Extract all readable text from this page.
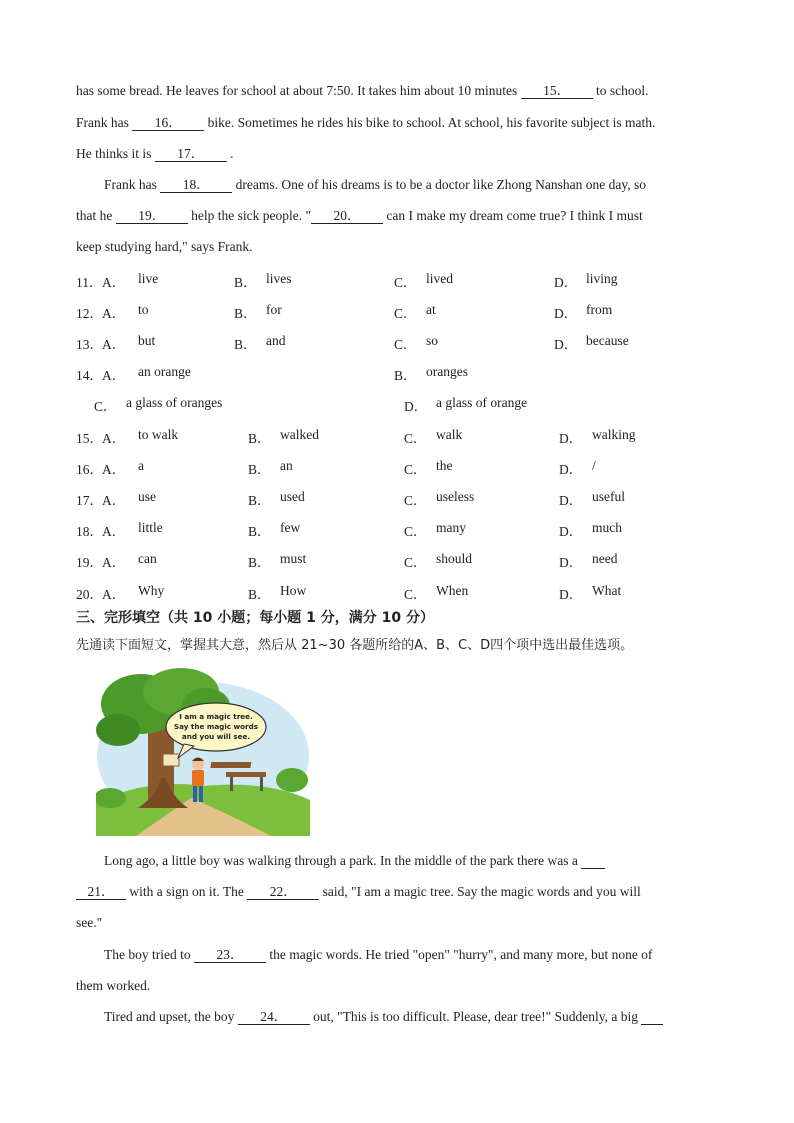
has some bread. He leaves for school at about 7:50. It takes him about 10 minutes 15． to school.
Frank has 16． bike. Sometimes he rides his bike to school. At school, his favorite subject is math.
He thinks it is 17． .
Frank has 18． dreams. One of his dreams is to be a doctor like Zhong Nanshan one day, so
that he 19． help the sick people. " 20． can I make my dream come true? I think I must
keep studying hard," says Frank.
11． A． live	B． lives	C． lived	D． living
12． A． to	B． for	C． at	D． from
13． A． but	B． and	C． so	D． because
14． A． an orange	B． oranges
C． a glass of oranges	D． a glass of orange
15． A． to walk	B． walked	C． walk	D． walking
16． A． a	B． an	C． the	D． /
17． A． use	B． used	C． useless	D． useful
18． A． little	B． few	C． many	D． much
19． A． can	B． must	C． should	D． need
20． A． Why	B． How	C． When	D． What
三、完形填空（共 10 小题；每小题 1 分，满分 10 分）
先通读下面短文，掌握其大意，然后从 21~30 各题所给的A、B、C、D四个项中选出最佳选项。
I am a magic tree.
Say the magic words
and you will see.
Long ago, a little boy was walking through a park. In the middle of the park there was a
21． with a sign on it. The 22． said, "I am a magic tree. Say the magic words and you will
see."
The boy tried to 23． the magic words. He tried "open" "hurry", and many more, but none of
them worked.
Tired and upset, the boy 24． out, "This is too difficult. Please, dear tree!" Suddenly, a big
